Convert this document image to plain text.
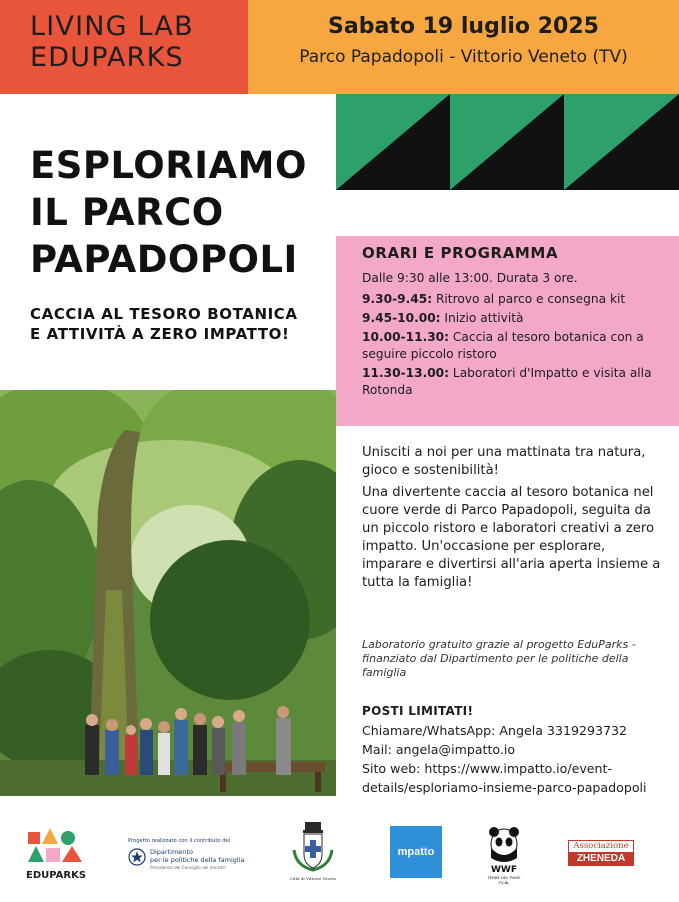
LIVING LAB
EDUPARKS
Sabato 19 luglio 2025
Parco Papadopoli - Vittorio Veneto (TV)
ESPLORIAMO
IL PARCO
PAPADOPOLI
CACCIA AL TESORO BOTANICA
E ATTIVITÀ A ZERO IMPATTO!
ORARI E PROGRAMMA
Dalle 9:30 alle 13:00. Durata 3 ore.
9.30-9.45: Ritrovo al parco e consegna kit
9.45-10.00: Inizio attività
10.00-11.30: Caccia al tesoro botanica con a seguire piccolo ristoro
11.30-13.00: Laboratori d'Impatto e visita alla Rotonda

Unisciti a noi per una mattinata tra natura, gioco e sostenibilità!

Una divertente caccia al tesoro botanica nel cuore verde di Parco Papadopoli, seguita da un piccolo ristoro e laboratori creativi a zero impatto. Un'occasione per esplorare, imparare e divertirsi all'aria aperta insieme a tutta la famiglia!

Laboratorio gratuito grazie al progetto EduParks - finanziato dal Dipartimento per le politiche della famiglia
POSTI LIMITATI!
Chiamare/WhatsApp: Angela 3319293732
Mail: angela@impatto.io
Sito web: https://www.impatto.io/event-
details/esploriamo-insieme-parco-papadopoli
EDUPARKS
Progetto realizzato con il contributo del
Dipartimento
per le politiche della famiglia
Presidenza del Consiglio dei ministri
Città di Vittorio Veneto
mpatto
WWF
TERRE DEL PIAVE
TV-BL
Associazione
ZHENEDA
